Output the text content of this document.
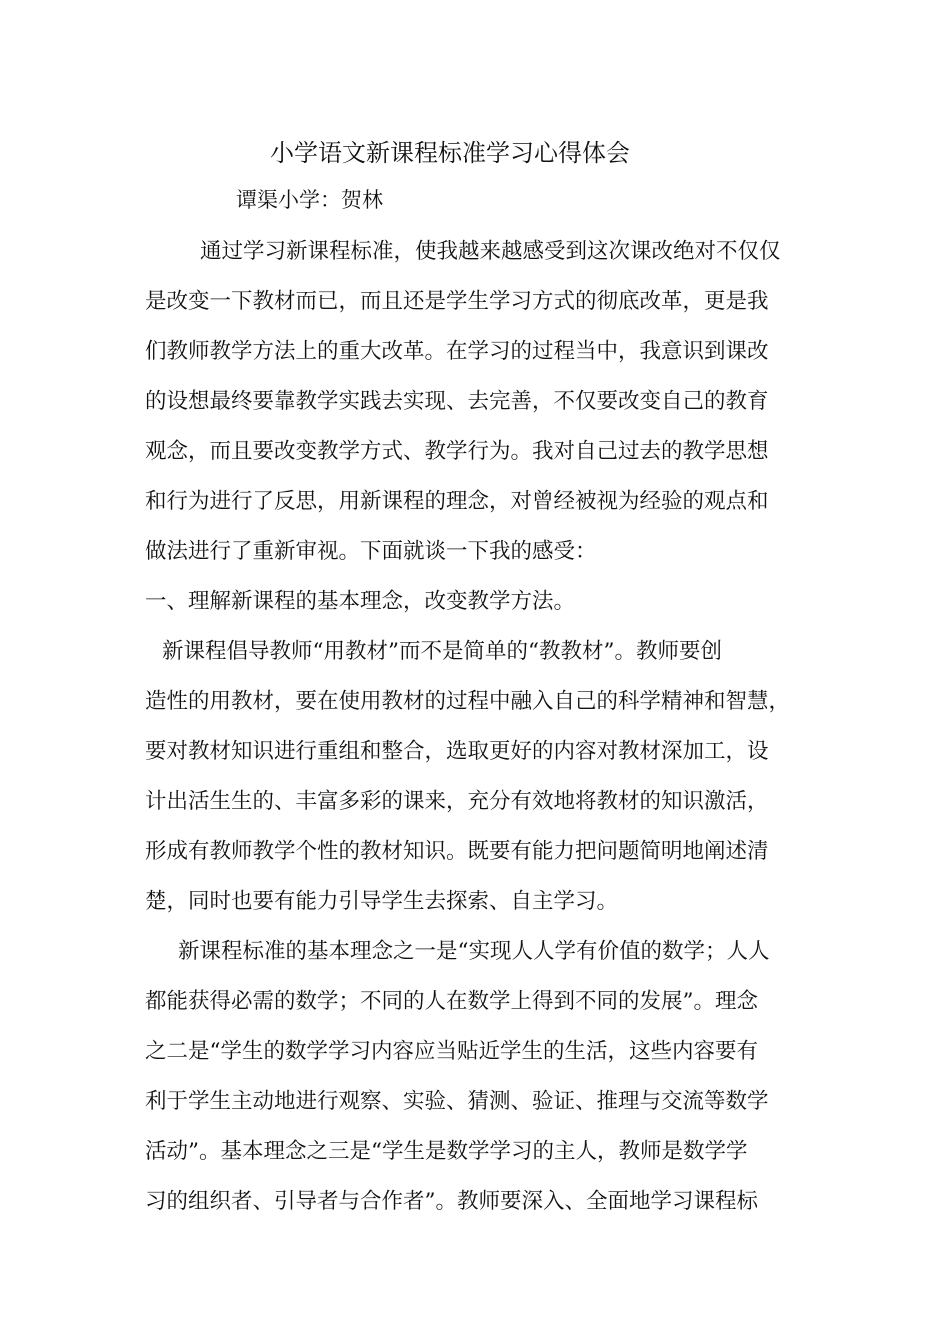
小学语文新课程标准学习心得体会
谭渠小学：贺林
通过学习新课程标准，使我越来越感受到这次课改绝对不仅仅
是改变一下教材而已，而且还是学生学习方式的彻底改革，更是我
们教师教学方法上的重大改革。在学习的过程当中，我意识到课改
的设想最终要靠教学实践去实现、去完善，不仅要改变自己的教育
观念，而且要改变教学方式、教学行为。我对自己过去的教学思想
和行为进行了反思，用新课程的理念，对曾经被视为经验的观点和
做法进行了重新审视。下面就谈一下我的感受：
一、理解新课程的基本理念，改变教学方法。
新课程倡导教师“用教材”而不是简单的“教教材”。教师要创
造性的用教材，要在使用教材的过程中融入自己的科学精神和智慧，
要对教材知识进行重组和整合，选取更好的内容对教材深加工，设
计出活生生的、丰富多彩的课来，充分有效地将教材的知识激活，
形成有教师教学个性的教材知识。既要有能力把问题简明地阐述清
楚，同时也要有能力引导学生去探索、自主学习。
新课程标准的基本理念之一是“实现人人学有价值的数学；人人
都能获得必需的数学；不同的人在数学上得到不同的发展”。理念
之二是“学生的数学学习内容应当贴近学生的生活，这些内容要有
利于学生主动地进行观察、实验、猜测、验证、推理与交流等数学
活动”。基本理念之三是“学生是数学学习的主人，教师是数学学
习的组织者、引导者与合作者”。教师要深入、全面地学习课程标
